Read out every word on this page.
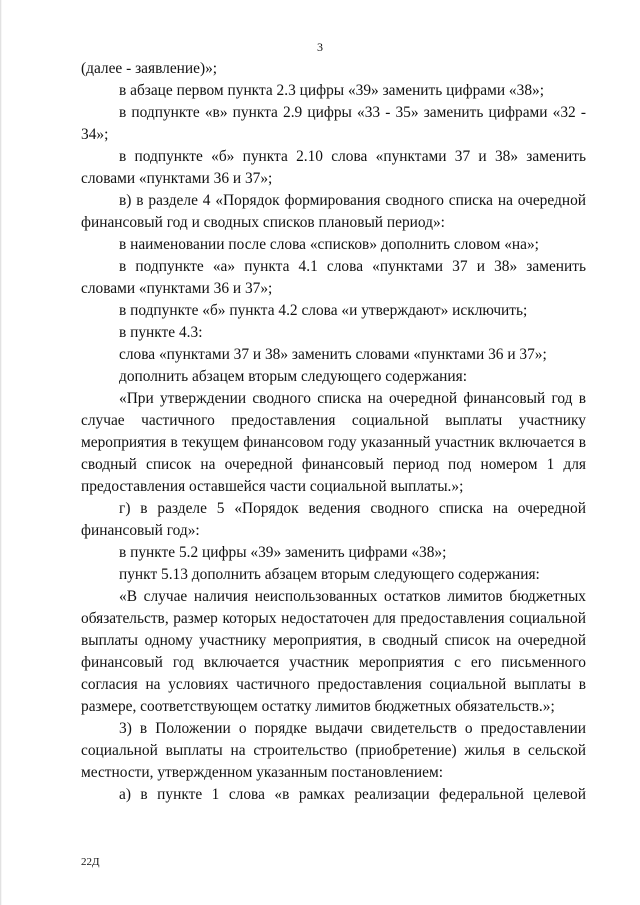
3

(далее - заявление)»;

в абзаце первом пункта 2.3 цифры «39» заменить цифрами «38»;

в подпункте «в» пункта 2.9 цифры «33 - 35» заменить цифрами «32 - 34»;

в подпункте «б» пункта 2.10 слова «пунктами 37 и 38» заменить словами «пунктами 36 и 37»;

в) в разделе 4 «Порядок формирования сводного списка на очередной финансовый год и сводных списков плановый период»:

в наименовании после слова «списков» дополнить словом «на»;

в подпункте «а» пункта 4.1 слова «пунктами 37 и 38» заменить словами «пунктами 36 и 37»;

в подпункте «б» пункта 4.2 слова «и утверждают» исключить;

в пункте 4.3:

слова «пунктами 37 и 38» заменить словами «пунктами 36 и 37»;

дополнить абзацем вторым следующего содержания:

«При утверждении сводного списка на очередной финансовый год в случае частичного предоставления социальной выплаты участнику мероприятия в текущем финансовом году указанный участник включается в сводный список на очередной финансовый период под номером 1 для предоставления оставшейся части социальной выплаты.»;

г) в разделе 5 «Порядок ведения сводного списка на очередной финансовый год»:

в пункте 5.2 цифры «39» заменить цифрами «38»;

пункт 5.13 дополнить абзацем вторым следующего содержания:

«В случае наличия неиспользованных остатков лимитов бюджетных обязательств, размер которых недостаточен для предоставления социальной выплаты одному участнику мероприятия, в сводный список на очередной финансовый год включается участник мероприятия с его письменного согласия на условиях частичного предоставления социальной выплаты в размере, соответствующем остатку лимитов бюджетных обязательств.»;

3) в Положении о порядке выдачи свидетельств о предоставлении социальной выплаты на строительство (приобретение) жилья в сельской местности, утвержденном указанным постановлением:

а) в пункте 1 слова «в рамках реализации федеральной целевой

22Д
